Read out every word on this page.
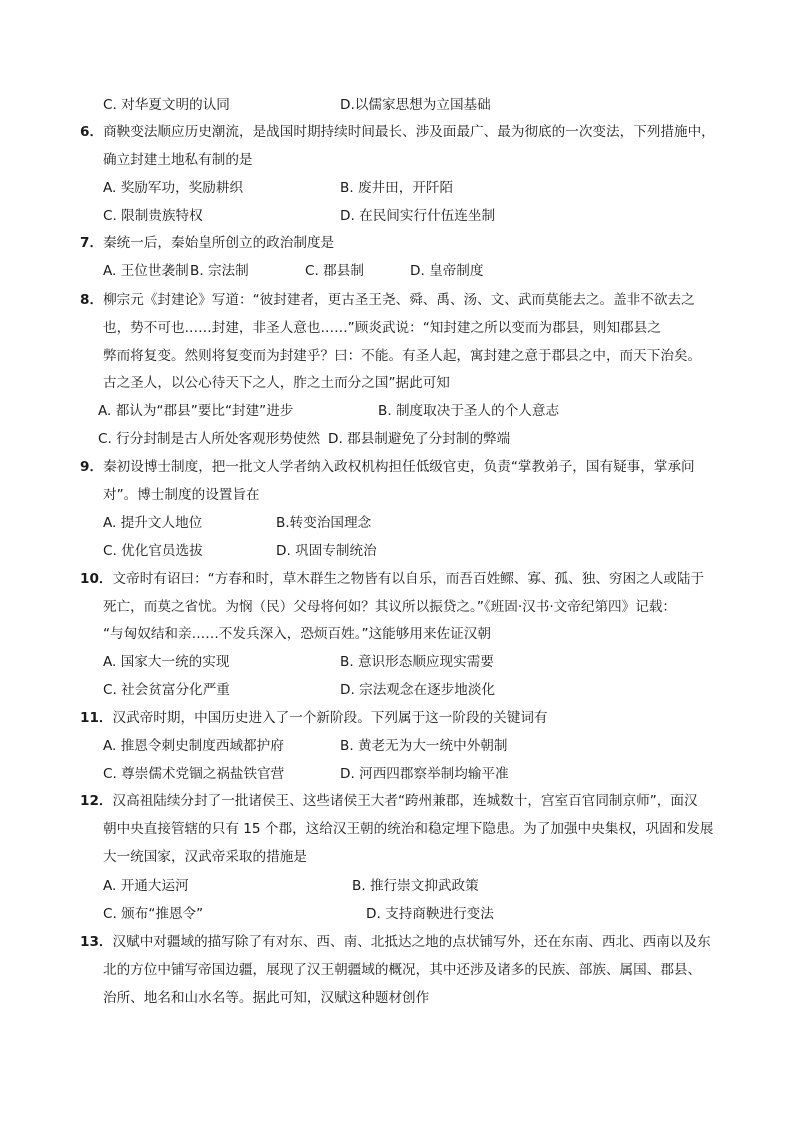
C. 对华夏文明的认同	D.以儒家思想为立国基础
6．商鞅变法顺应历史潮流，是战国时期持续时间最长、涉及面最广、最为彻底的一次变法，下列措施中，
确立封建土地私有制的是
A. 奖励军功，奖励耕织	B. 废井田，开阡陌
C. 限制贵族特权	D. 在民间实行什伍连坐制
7．秦统一后，秦始皇所创立的政治制度是
A. 王位世袭制 B. 宗法制	C. 郡县制	D. 皇帝制度
8．柳宗元《封建论》写道：“彼封建者，更古圣王尧、舜、禹、汤、文、武而莫能去之。盖非不欲去之
也，势不可也……封建，非圣人意也……”顾炎武说：“知封建之所以变而为郡县，则知郡县之
弊而将复变。然则将复变而为封建乎？曰：不能。有圣人起，寓封建之意于郡县之中，而天下治矣。
古之圣人，以公心待天下之人，胙之土而分之国”据此可知
A. 都认为“郡县”要比“封建”进步	B. 制度取决于圣人的个人意志
C. 行分封制是古人所处客观形势使然 D. 郡县制避免了分封制的弊端
9．秦初设博士制度，把一批文人学者纳入政权机构担任低级官吏，负责“掌教弟子，国有疑事，掌承问
对”。博士制度的设置旨在
A. 提升文人地位	B.转变治国理念
C. 优化官员选拔	D. 巩固专制统治
10．文帝时有诏曰：“方春和时，草木群生之物皆有以自乐，而吾百姓鳏、寡、孤、独、穷困之人或陆于
死亡，而莫之省忧。为悯（民）父母将何如？其议所以振贷之。”《班固·汉书·文帝纪第四》记载：
“与匈奴结和亲……不发兵深入，恐烦百姓。”这能够用来佐证汉朝
A. 国家大一统的实现	B. 意识形态顺应现实需要
C. 社会贫富分化严重	D. 宗法观念在逐步地淡化
11．汉武帝时期，中国历史进入了一个新阶段。下列属于这一阶段的关键词有
A. 推恩令刺史制度西域都护府	B. 黄老无为大一统中外朝制
C. 尊崇儒术党锢之祸盐铁官营	D. 河西四郡察举制均输平准
12．汉高祖陆续分封了一批诸侯王、这些诸侯王大者“跨州兼郡，连城数十，宫室百官同制京师”，面汉
朝中央直接管辖的只有 15 个郡，这给汉王朝的统治和稳定埋下隐患。为了加强中央集权，巩固和发展
大一统国家，汉武帝采取的措施是
A. 开通大运河	B. 推行崇文抑武政策
C. 颁布“推恩令”	D. 支持商鞅进行变法
13．汉赋中对疆域的描写除了有对东、西、南、北抵达之地的点状铺写外，还在东南、西北、西南以及东
北的方位中铺写帝国边疆，展现了汉王朝疆域的概况，其中还涉及诸多的民族、部族、属国、郡县、
治所、地名和山水名等。据此可知，汉赋这种题材创作
